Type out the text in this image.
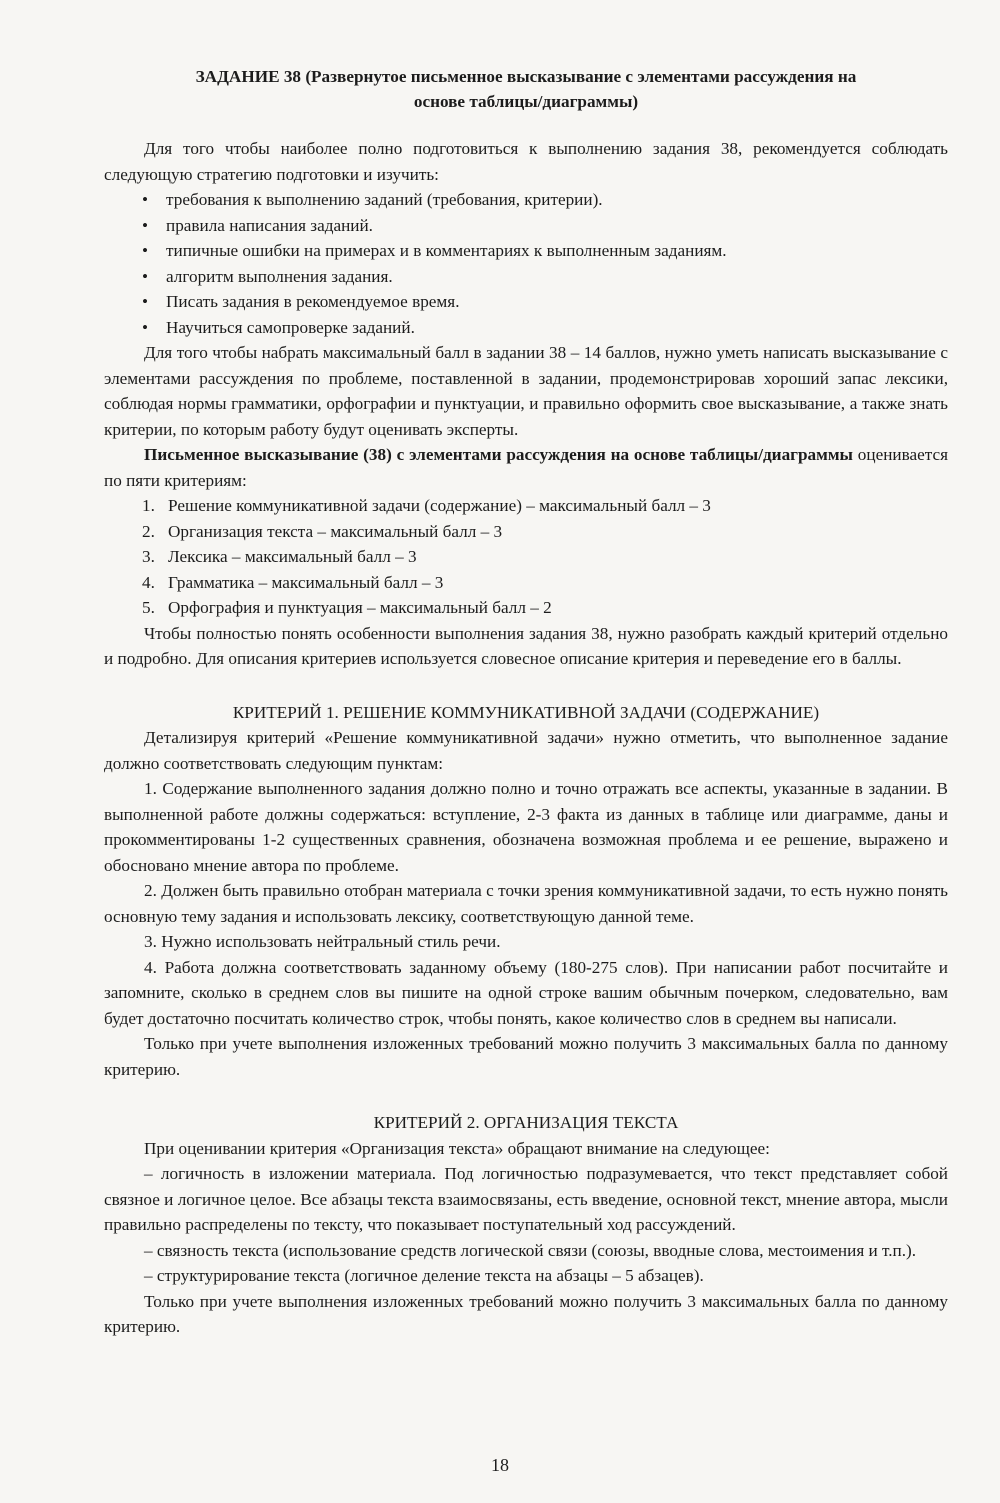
ЗАДАНИЕ 38 (Развернутое письменное высказывание с элементами рассуждения на
основе таблицы/диаграммы)

Для того чтобы наиболее полно подготовиться к выполнению задания 38, рекомендуется соблюдать следующую стратегию подготовки и изучить:

• требования к выполнению заданий (требования, критерии).
• правила написания заданий.
• типичные ошибки на примерах и в комментариях к выполненным заданиям.
• алгоритм выполнения задания.
• Писать задания в рекомендуемое время.
• Научиться самопроверке заданий.

Для того чтобы набрать максимальный балл в задании 38 – 14 баллов, нужно уметь написать высказывание с элементами рассуждения по проблеме, поставленной в задании, продемонстрировав хороший запас лексики, соблюдая нормы грамматики, орфографии и пунктуации, и правильно оформить свое высказывание, а также знать критерии, по которым работу будут оценивать эксперты.

Письменное высказывание (38) с элементами рассуждения на основе таблицы/диаграммы оценивается по пяти критериям:

1. Решение коммуникативной задачи (содержание) – максимальный балл – 3
2. Организация текста – максимальный балл – 3
3. Лексика – максимальный балл – 3
4. Грамматика – максимальный балл – 3
5. Орфография и пунктуация – максимальный балл – 2

Чтобы полностью понять особенности выполнения задания 38, нужно разобрать каждый критерий отдельно и подробно. Для описания критериев используется словесное описание критерия и переведение его в баллы.

КРИТЕРИЙ 1. РЕШЕНИЕ КОММУНИКАТИВНОЙ ЗАДАЧИ (СОДЕРЖАНИЕ)

Детализируя критерий «Решение коммуникативной задачи» нужно отметить, что выполненное задание должно соответствовать следующим пунктам:

1. Содержание выполненного задания должно полно и точно отражать все аспекты, указанные в задании. В выполненной работе должны содержаться: вступление, 2-3 факта из данных в таблице или диаграмме, даны и прокомментированы 1-2 существенных сравнения, обозначена возможная проблема и ее решение, выражено и обосновано мнение автора по проблеме.

2. Должен быть правильно отобран материала с точки зрения коммуникативной задачи, то есть нужно понять основную тему задания и использовать лексику, соответствующую данной теме.

3. Нужно использовать нейтральный стиль речи.

4. Работа должна соответствовать заданному объему (180-275 слов). При написании работ посчитайте и запомните, сколько в среднем слов вы пишите на одной строке вашим обычным почерком, следовательно, вам будет достаточно посчитать количество строк, чтобы понять, какое количество слов в среднем вы написали.

Только при учете выполнения изложенных требований можно получить 3 максимальных балла по данному критерию.

КРИТЕРИЙ 2. ОРГАНИЗАЦИЯ ТЕКСТА

При оценивании критерия «Организация текста» обращают внимание на следующее:

– логичность в изложении материала. Под логичностью подразумевается, что текст представляет собой связное и логичное целое. Все абзацы текста взаимосвязаны, есть введение, основной текст, мнение автора, мысли правильно распределены по тексту, что показывает поступательный ход рассуждений.

– связность текста (использование средств логической связи (союзы, вводные слова, местоимения и т.п.).

– структурирование текста (логичное деление текста на абзацы – 5 абзацев).

Только при учете выполнения изложенных требований можно получить 3 максимальных балла по данному критерию.

18
